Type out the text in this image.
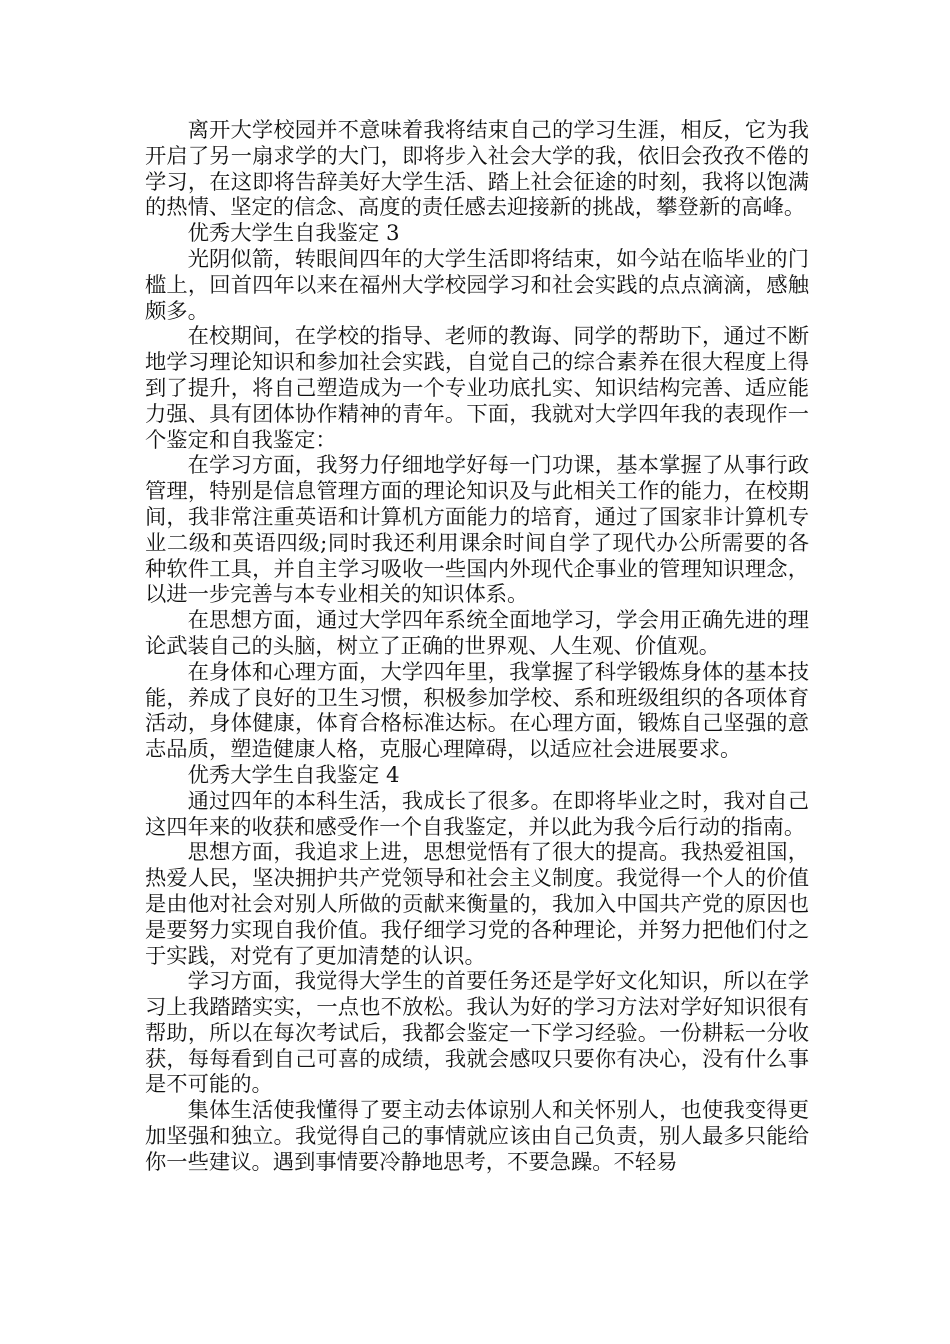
离开大学校园并不意味着我将结束自己的学习生涯，相反，它为我开启了另一扇求学的大门，即将步入社会大学的我，依旧会孜孜不倦的学习，在这即将告辞美好大学生活、踏上社会征途的时刻，我将以饱满的热情、坚定的信念、高度的责任感去迎接新的挑战，攀登新的高峰。

优秀大学生自我鉴定 3

光阴似箭，转眼间四年的大学生活即将结束，如今站在临毕业的门槛上，回首四年以来在福州大学校园学习和社会实践的点点滴滴，感触颇多。

在校期间，在学校的指导、老师的教诲、同学的帮助下，通过不断地学习理论知识和参加社会实践，自觉自己的综合素养在很大程度上得到了提升，将自己塑造成为一个专业功底扎实、知识结构完善、适应能力强、具有团体协作精神的青年。下面，我就对大学四年我的表现作一个鉴定和自我鉴定：

在学习方面，我努力仔细地学好每一门功课，基本掌握了从事行政管理，特别是信息管理方面的理论知识及与此相关工作的能力，在校期间，我非常注重英语和计算机方面能力的培育，通过了国家非计算机专业二级和英语四级;同时我还利用课余时间自学了现代办公所需要的各种软件工具，并自主学习吸收一些国内外现代企事业的管理知识理念，以进一步完善与本专业相关的知识体系。

在思想方面，通过大学四年系统全面地学习，学会用正确先进的理论武装自己的头脑，树立了正确的世界观、人生观、价值观。

在身体和心理方面，大学四年里，我掌握了科学锻炼身体的基本技能，养成了良好的卫生习惯，积极参加学校、系和班级组织的各项体育活动，身体健康，体育合格标准达标。在心理方面，锻炼自己坚强的意志品质，塑造健康人格，克服心理障碍，以适应社会进展要求。

优秀大学生自我鉴定 4

通过四年的本科生活，我成长了很多。在即将毕业之时，我对自己这四年来的收获和感受作一个自我鉴定，并以此为我今后行动的指南。

思想方面，我追求上进，思想觉悟有了很大的提高。我热爱祖国，热爱人民，坚决拥护共产党领导和社会主义制度。我觉得一个人的价值是由他对社会对别人所做的贡献来衡量的，我加入中国共产党的原因也是要努力实现自我价值。我仔细学习党的各种理论，并努力把他们付之于实践，对党有了更加清楚的认识。

学习方面，我觉得大学生的首要任务还是学好文化知识，所以在学习上我踏踏实实，一点也不放松。我认为好的学习方法对学好知识很有帮助，所以在每次考试后，我都会鉴定一下学习经验。一份耕耘一分收获，每每看到自己可喜的成绩，我就会感叹只要你有决心，没有什么事是不可能的。

集体生活使我懂得了要主动去体谅别人和关怀别人，也使我变得更加坚强和独立。我觉得自己的事情就应该由自己负责，别人最多只能给你一些建议。遇到事情要冷静地思考，不要急躁。不轻易
